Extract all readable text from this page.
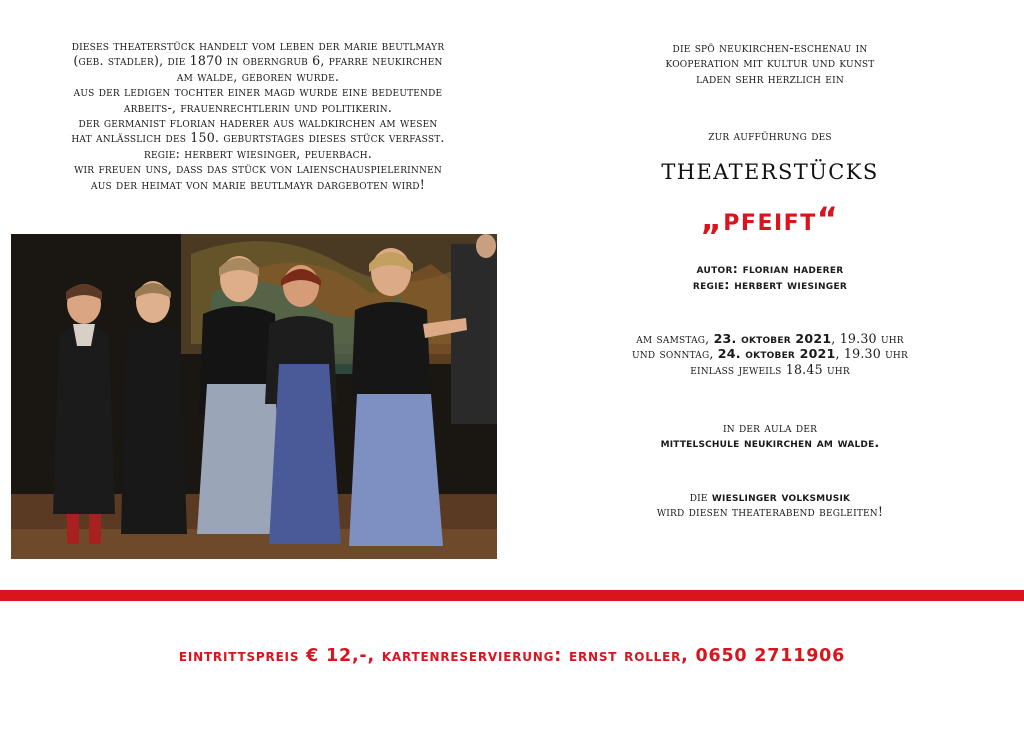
dieses theaterstück handelt vom leben der marie beutlmayr
(geb. stadler), die 1870 in oberngrub 6, pfarre neukirchen
am walde, geboren wurde.
aus der ledigen tochter einer magd wurde eine bedeutende
arbeits-, frauenrechtlerin und politikerin.
der germanist florian haderer aus waldkirchen am wesen
hat anlässlich des 150. geburtstages dieses stück verfasst.
regie: herbert wiesinger, peuerbach.
wir freuen uns, dass das stück von laienschauspielerinnen
aus der heimat von marie beutlmayr dargeboten wird!
corinna
denk
birgit
romanik
monika
litzlbauer
franziska
oberauer
traudi
peham
die spö neukirchen-eschenau in
kooperation mit kultur und kunst
laden sehr herzlich ein
zur aufführung des
theaterstücks
„pfeift“
autor: florian haderer
regie: herbert wiesinger
am samstag, 23. oktober 2021, 19.30 uhr
und sonntag, 24. oktober 2021, 19.30 uhr
einlass jeweils 18.45 uhr
in der aula der
mittelschule neukirchen am walde.
die wieslinger volksmusik
wird diesen theaterabend begleiten!
eintrittspreis € 12,-, kartenreservierung: ernst roller, 0650 2711906
